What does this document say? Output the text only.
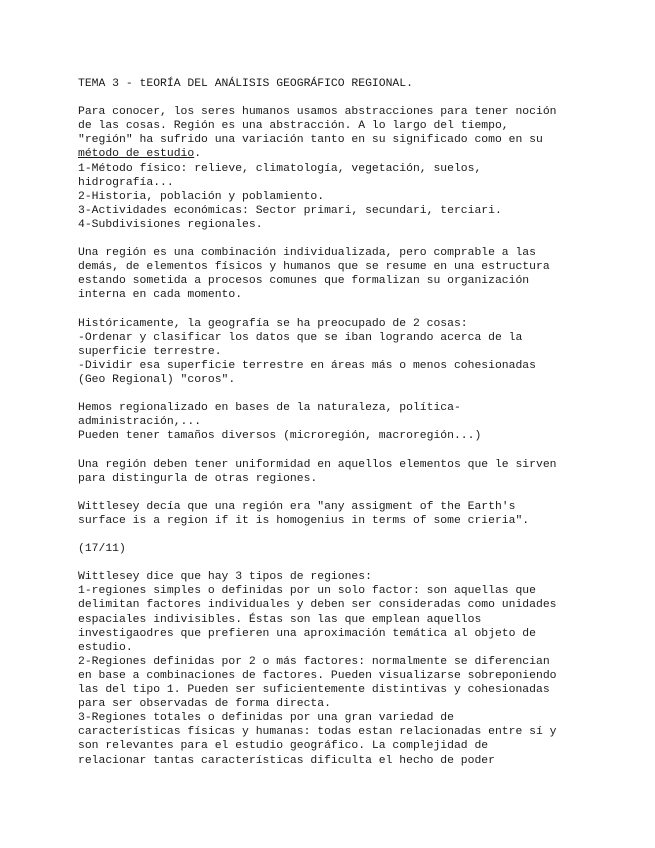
TEMA 3 - tEORÍA DEL ANÁLISIS GEOGRÁFICO REGIONAL.
Para conocer, los seres humanos usamos abstracciones para tener noción
de las cosas. Región es una abstracción. A lo largo del tiempo,
"región" ha sufrido una variación tanto en su significado como en su
método de estudio.
1-Método físico: relieve, climatología, vegetación, suelos,
hidrografía...
2-Historia, población y poblamiento.
3-Actividades económicas: Sector primari, secundari, terciari.
4-Subdivisiones regionales.
Una región es una combinación individualizada, pero comprable a las
demás, de elementos físicos y humanos que se resume en una estructura
estando sometida a procesos comunes que formalizan su organización
interna en cada momento.
Históricamente, la geografía se ha preocupado de 2 cosas:
-Ordenar y clasificar los datos que se iban logrando acerca de la
superficie terrestre.
-Dividir esa superficie terrestre en áreas más o menos cohesionadas
(Geo Regional) "coros".
Hemos regionalizado en bases de la naturaleza, política-
administración,...
Pueden tener tamaños diversos (microregión, macroregión...)
Una región deben tener uniformidad en aquellos elementos que le sirven
para distingurla de otras regiones.
Wittlesey decía que una región era "any assigment of the Earth's
surface is a region if it is homogenius in terms of some crieria".
(17/11)
Wittlesey dice que hay 3 tipos de regiones:
1-regiones simples o definidas por un solo factor: son aquellas que
delimitan factores individuales y deben ser consideradas como unidades
espaciales indivisibles. Éstas son las que emplean aquellos
investigaodres que prefieren una aproximación temática al objeto de
estudio.
2-Regiones definidas por 2 o más factores: normalmente se diferencian
en base a combinaciones de factores. Pueden visualizarse sobreponiendo
las del tipo 1. Pueden ser suficientemente distintivas y cohesionadas
para ser observadas de forma directa.
3-Regiones totales o definidas por una gran variedad de
características físicas y humanas: todas estan relacionadas entre sí y
son relevantes para el estudio geográfico. La complejidad de
relacionar tantas características dificulta el hecho de poder
